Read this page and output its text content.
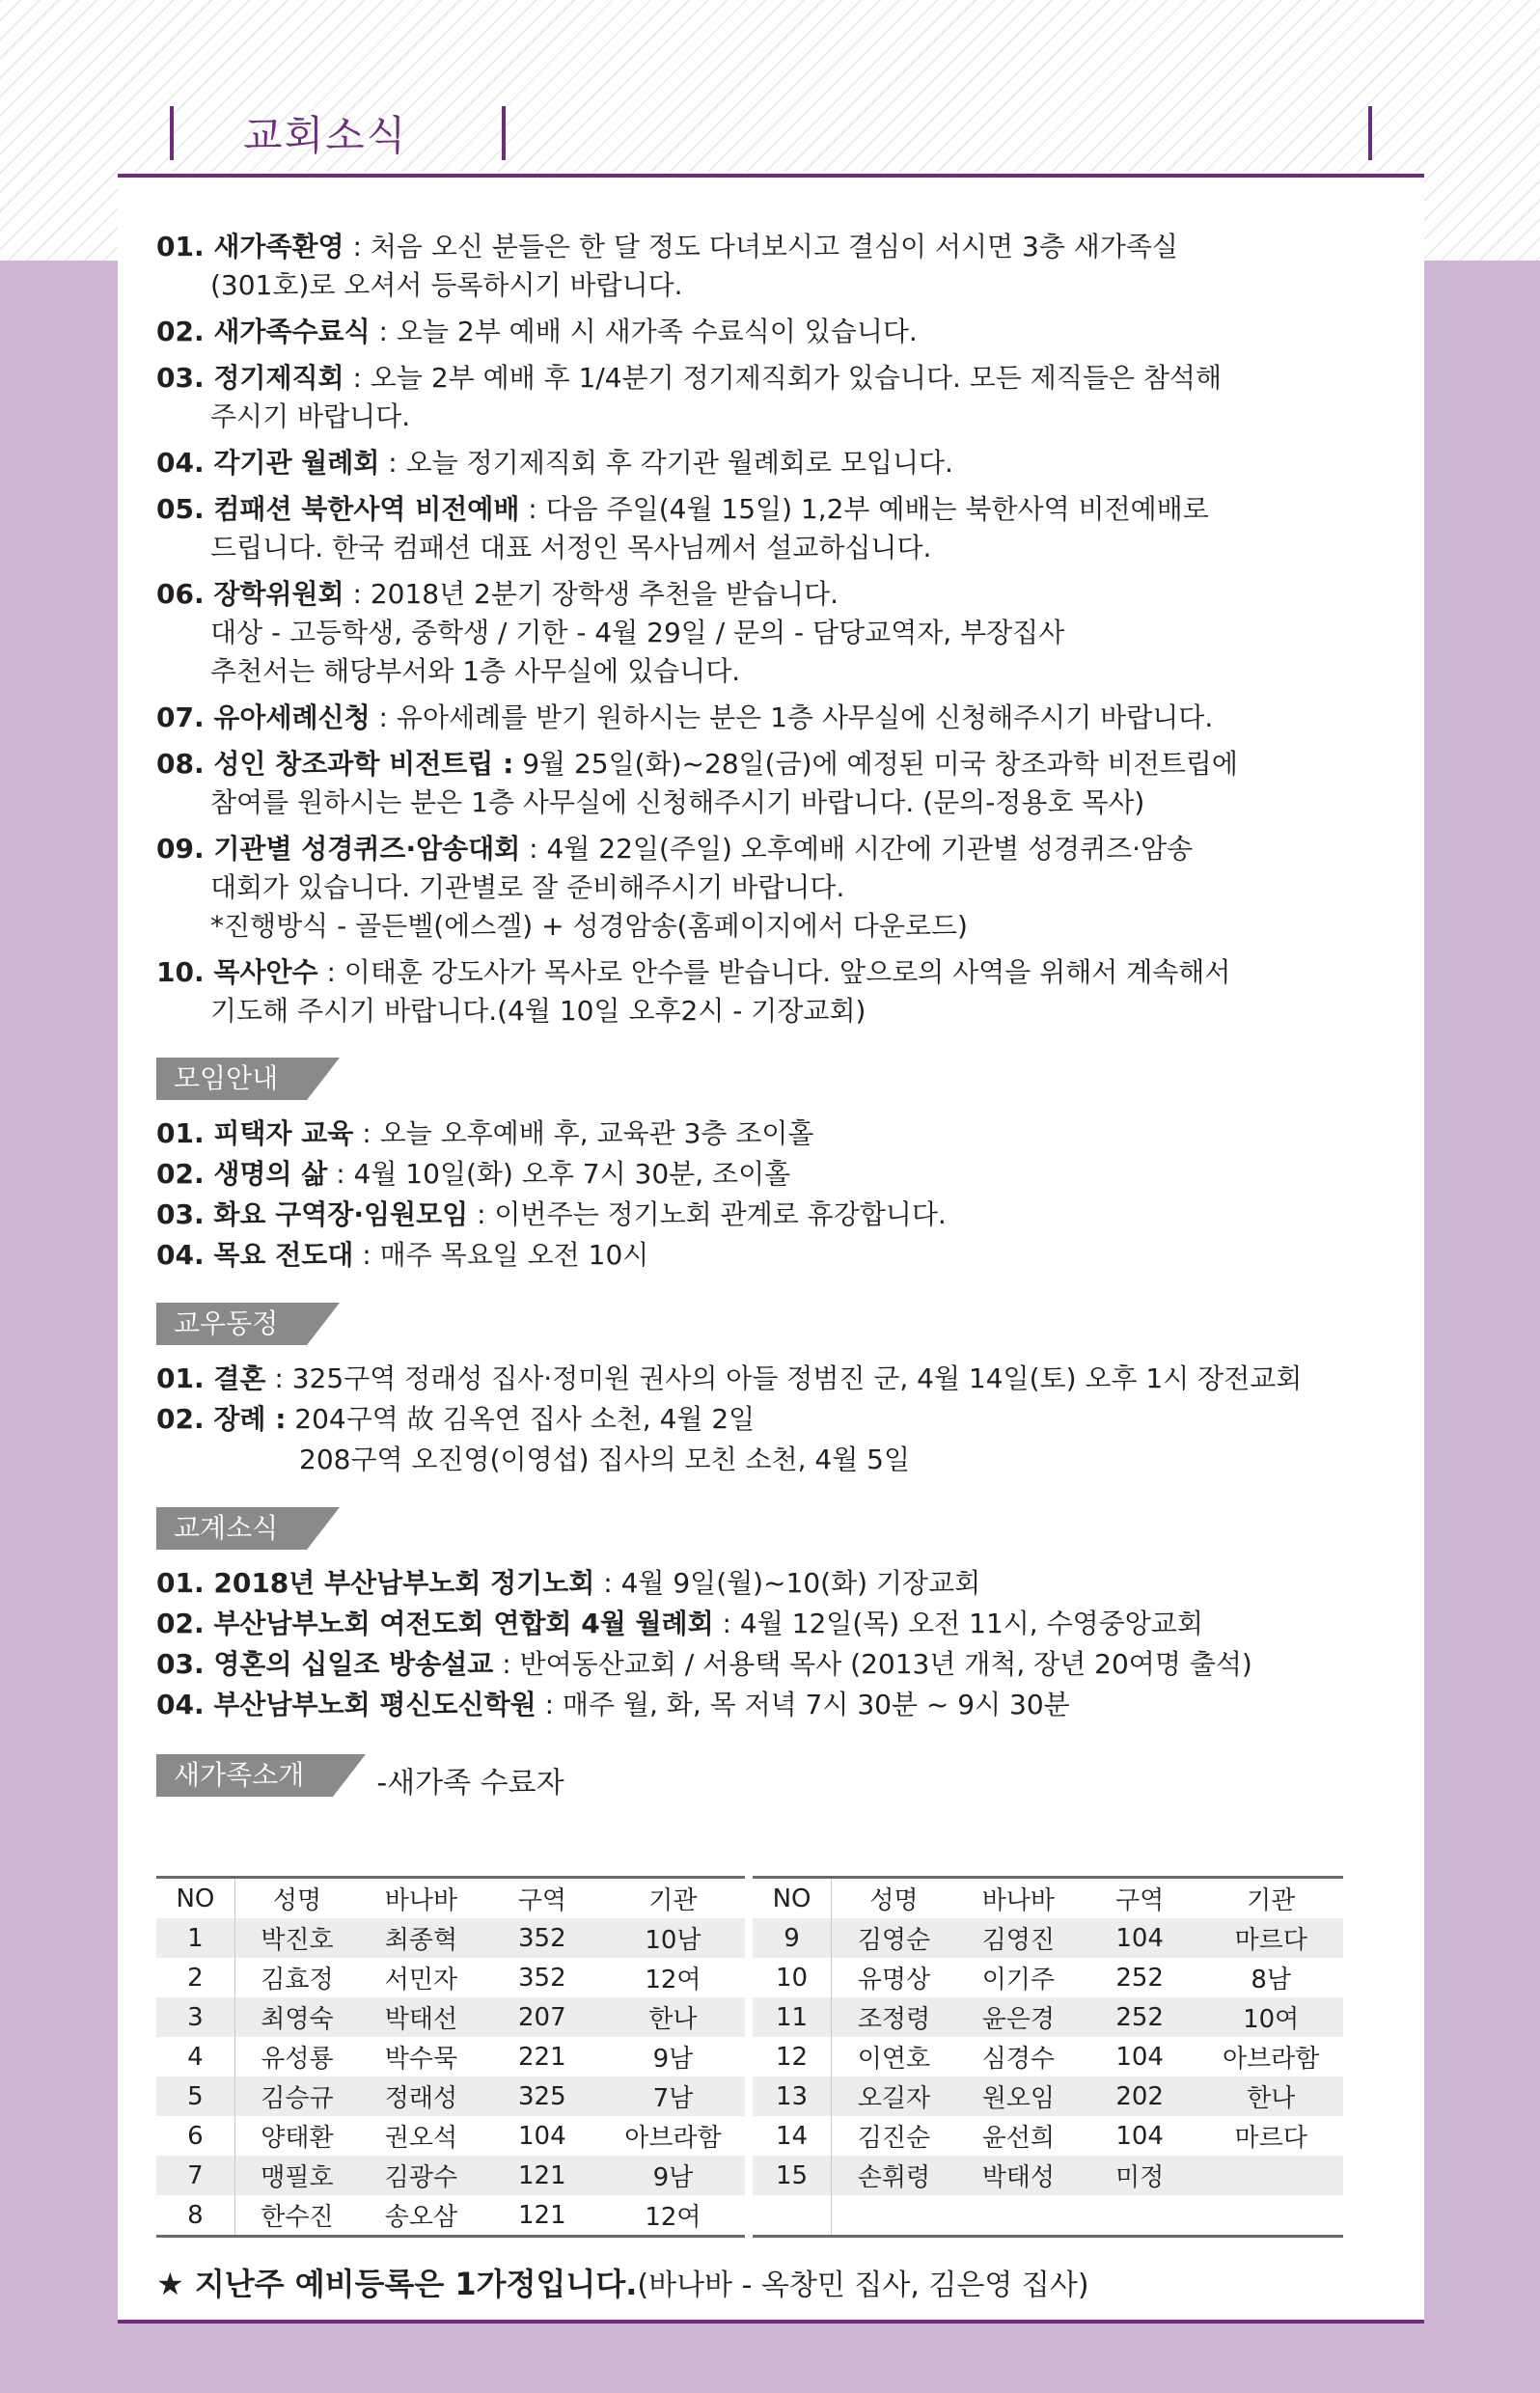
교회소식
01. 새가족환영 : 처음 오신 분들은 한 달 정도 다녀보시고 결심이 서시면 3층 새가족실
(301호)로 오셔서 등록하시기 바랍니다.
02. 새가족수료식 : 오늘 2부 예배 시 새가족 수료식이 있습니다.
03. 정기제직회 : 오늘 2부 예배 후 1/4분기 정기제직회가 있습니다. 모든 제직들은 참석해
주시기 바랍니다.
04. 각기관 월례회 : 오늘 정기제직회 후 각기관 월례회로 모입니다.
05. 컴패션 북한사역 비전예배 : 다음 주일(4월 15일) 1,2부 예배는 북한사역 비전예배로
드립니다. 한국 컴패션 대표 서정인 목사님께서 설교하십니다.
06. 장학위원회 : 2018년 2분기 장학생 추천을 받습니다.
대상 - 고등학생, 중학생 / 기한 - 4월 29일 / 문의 - 담당교역자, 부장집사
추천서는 해당부서와 1층 사무실에 있습니다.
07. 유아세례신청 : 유아세례를 받기 원하시는 분은 1층 사무실에 신청해주시기 바랍니다.
08. 성인 창조과학 비전트립 : 9월 25일(화)~28일(금)에 예정된 미국 창조과학 비전트립에
참여를 원하시는 분은 1층 사무실에 신청해주시기 바랍니다. (문의-정용호 목사)
09. 기관별 성경퀴즈·암송대회 : 4월 22일(주일) 오후예배 시간에 기관별 성경퀴즈·암송
대회가 있습니다. 기관별로 잘 준비해주시기 바랍니다.
*진행방식 - 골든벨(에스겔) + 성경암송(홈페이지에서 다운로드)
10. 목사안수 : 이태훈 강도사가 목사로 안수를 받습니다. 앞으로의 사역을 위해서 계속해서
기도해 주시기 바랍니다.(4월 10일 오후2시 - 기장교회)
모임안내
01. 피택자 교육 : 오늘 오후예배 후, 교육관 3층 조이홀
02. 생명의 삶 : 4월 10일(화) 오후 7시 30분, 조이홀
03. 화요 구역장·임원모임 : 이번주는 정기노회 관계로 휴강합니다.
04. 목요 전도대 : 매주 목요일 오전 10시
교우동정
01. 결혼 : 325구역 정래성 집사·정미원 권사의 아들 정범진 군, 4월 14일(토) 오후 1시 장전교회
02. 장례 : 204구역 故 김옥연 집사 소천, 4월 2일
208구역 오진영(이영섭) 집사의 모친 소천, 4월 5일
교계소식
01. 2018년 부산남부노회 정기노회 : 4월 9일(월)~10(화) 기장교회
02. 부산남부노회 여전도회 연합회 4월 월례회 : 4월 12일(목) 오전 11시, 수영중앙교회
03. 영혼의 십일조 방송설교 : 반여동산교회 / 서용택 목사 (2013년 개척, 장년 20여명 출석)
04. 부산남부노회 평신도신학원 : 매주 월, 화, 목 저녁 7시 30분 ~ 9시 30분
새가족소개	-새가족 수료자
NO	성명	바나바	구역	기관
1	박진호	최종혁	352	10남
2	김효정	서민자	352	12여
3	최영숙	박태선	207	한나
4	유성룡	박수묵	221	9남
5	김승규	정래성	325	7남
6	양태환	권오석	104	아브라함
7	맹필호	김광수	121	9남
8	한수진	송오삼	121	12여
NO	성명	바나바	구역	기관
9	김영순	김영진	104	마르다
10	유명상	이기주	252	8남
11	조정령	윤은경	252	10여
12	이연호	심경수	104	아브라함
13	오길자	원오임	202	한나
14	김진순	윤선희	104	마르다
15	손휘령	박태성	미정	

★ 지난주 예비등록은 1가정입니다.(바나바 - 옥창민 집사, 김은영 집사)
